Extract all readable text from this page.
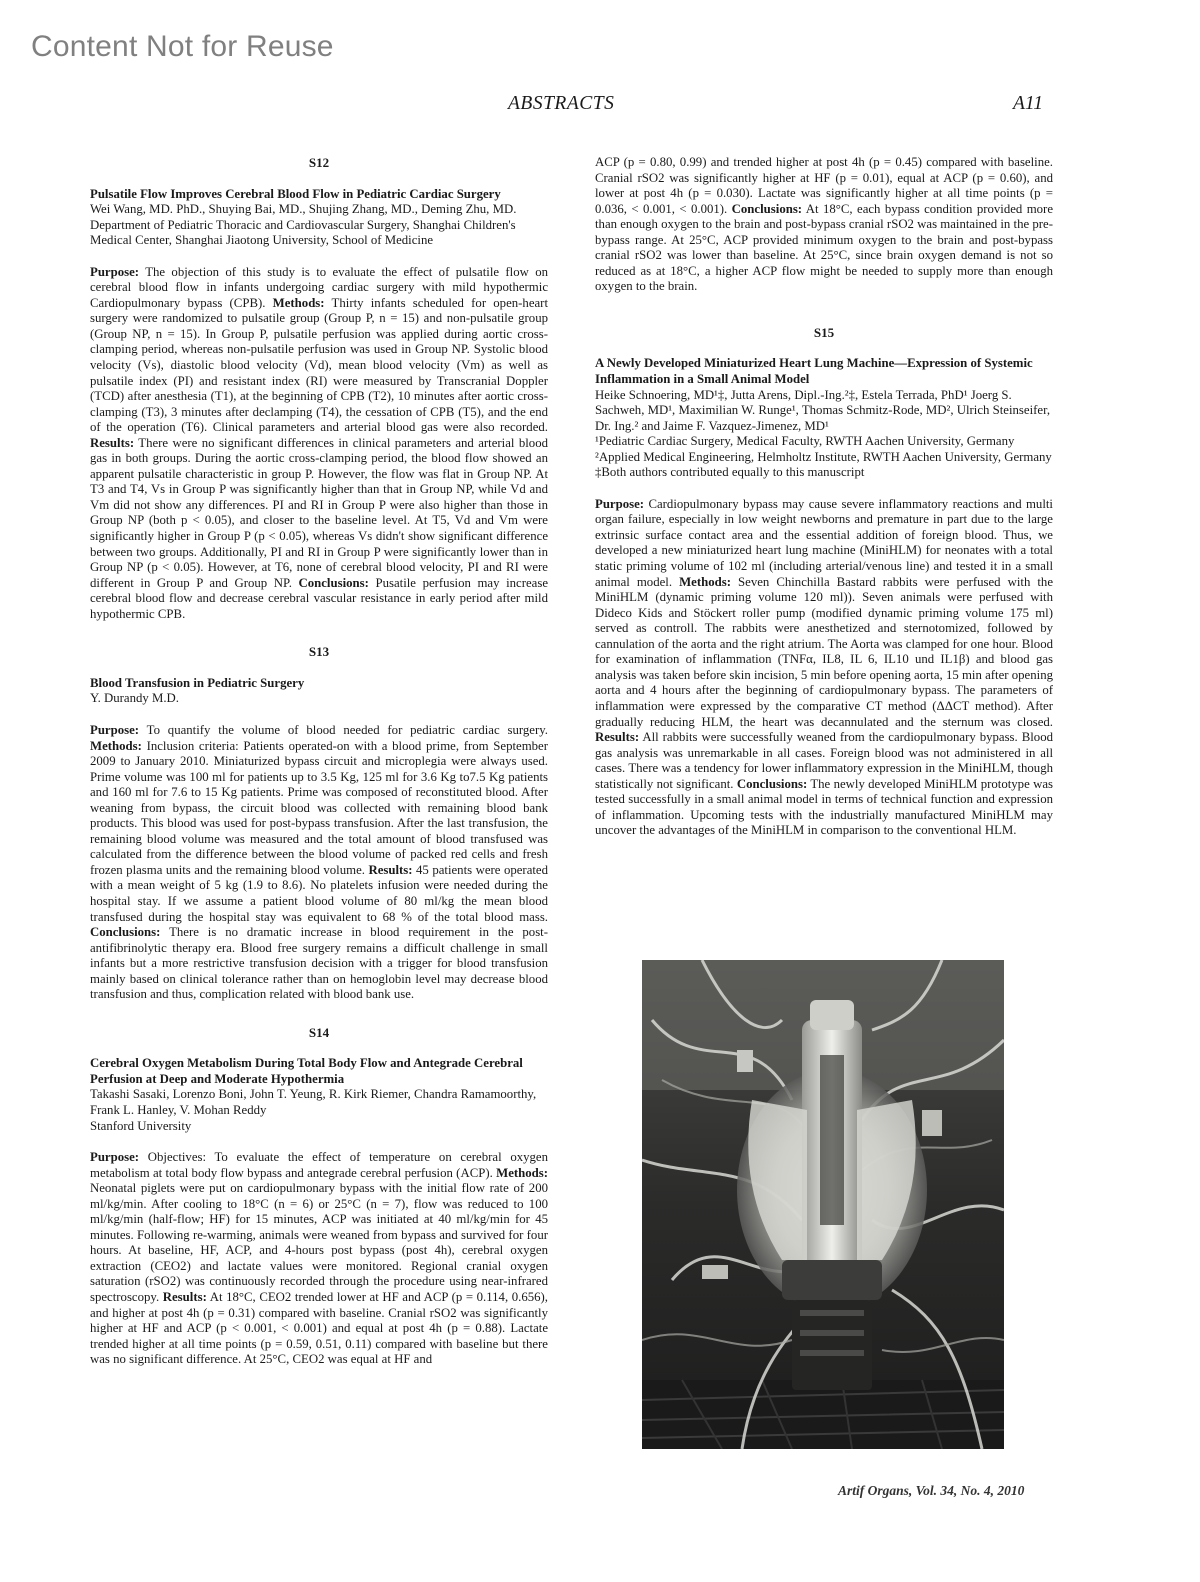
Content Not for Reuse
ABSTRACTS	A11
S12
Pulsatile Flow Improves Cerebral Blood Flow in Pediatric Cardiac Surgery
Wei Wang, MD. PhD., Shuying Bai, MD., Shujing Zhang, MD., Deming Zhu, MD.
Department of Pediatric Thoracic and Cardiovascular Surgery, Shanghai Children's Medical Center, Shanghai Jiaotong University, School of Medicine
Purpose: The objection of this study is to evaluate the effect of pulsatile flow on cerebral blood flow in infants undergoing cardiac surgery with mild hypothermic Cardiopulmonary bypass (CPB). Methods: Thirty infants scheduled for open-heart surgery were randomized to pulsatile group (Group P, n = 15) and non-pulsatile group (Group NP, n = 15). In Group P, pulsatile perfusion was applied during aortic cross-clamping period, whereas non-pulsatile perfusion was used in Group NP. Systolic blood velocity (Vs), diastolic blood velocity (Vd), mean blood velocity (Vm) as well as pulsatile index (PI) and resistant index (RI) were measured by Transcranial Doppler (TCD) after anesthesia (T1), at the beginning of CPB (T2), 10 minutes after aortic cross-clamping (T3), 3 minutes after declamping (T4), the cessation of CPB (T5), and the end of the operation (T6). Clinical parameters and arterial blood gas were also recorded. Results: There were no significant differences in clinical parameters and arterial blood gas in both groups. During the aortic cross-clamping period, the blood flow showed an apparent pulsatile characteristic in group P. However, the flow was flat in Group NP. At T3 and T4, Vs in Group P was significantly higher than that in Group NP, while Vd and Vm did not show any differences. PI and RI in Group P were also higher than those in Group NP (both p < 0.05), and closer to the baseline level. At T5, Vd and Vm were significantly higher in Group P (p < 0.05), whereas Vs didn't show significant difference between two groups. Additionally, PI and RI in Group P were significantly lower than in Group NP (p < 0.05). However, at T6, none of cerebral blood velocity, PI and RI were different in Group P and Group NP. Conclusions: Pusatile perfusion may increase cerebral blood flow and decrease cerebral vascular resistance in early period after mild hypothermic CPB.
S13
Blood Transfusion in Pediatric Surgery
Y. Durandy M.D.
Purpose: To quantify the volume of blood needed for pediatric cardiac surgery. Methods: Inclusion criteria: Patients operated-on with a blood prime, from September 2009 to January 2010. Miniaturized bypass circuit and microplegia were always used. Prime volume was 100 ml for patients up to 3.5 Kg, 125 ml for 3.6 Kg to7.5 Kg patients and 160 ml for 7.6 to 15 Kg patients. Prime was composed of reconstituted blood. After weaning from bypass, the circuit blood was collected with remaining blood bank products. This blood was used for post-bypass transfusion. After the last transfusion, the remaining blood volume was measured and the total amount of blood transfused was calculated from the difference between the blood volume of packed red cells and fresh frozen plasma units and the remaining blood volume. Results: 45 patients were operated with a mean weight of 5 kg (1.9 to 8.6). No platelets infusion were needed during the hospital stay. If we assume a patient blood volume of 80 ml/kg the mean blood transfused during the hospital stay was equivalent to 68 % of the total blood mass. Conclusions: There is no dramatic increase in blood requirement in the post-antifibrinolytic therapy era. Blood free surgery remains a difficult challenge in small infants but a more restrictive transfusion decision with a trigger for blood transfusion mainly based on clinical tolerance rather than on hemoglobin level may decrease blood transfusion and thus, complication related with blood bank use.
S14
Cerebral Oxygen Metabolism During Total Body Flow and Antegrade Cerebral Perfusion at Deep and Moderate Hypothermia
Takashi Sasaki, Lorenzo Boni, John T. Yeung, R. Kirk Riemer, Chandra Ramamoorthy, Frank L. Hanley, V. Mohan Reddy
Stanford University
Purpose: Objectives: To evaluate the effect of temperature on cerebral oxygen metabolism at total body flow bypass and antegrade cerebral perfusion (ACP). Methods: Neonatal piglets were put on cardiopulmonary bypass with the initial flow rate of 200 ml/kg/min. After cooling to 18°C (n = 6) or 25°C (n = 7), flow was reduced to 100 ml/kg/min (half-flow; HF) for 15 minutes, ACP was initiated at 40 ml/kg/min for 45 minutes. Following re-warming, animals were weaned from bypass and survived for four hours. At baseline, HF, ACP, and 4-hours post bypass (post 4h), cerebral oxygen extraction (CEO2) and lactate values were monitored. Regional cranial oxygen saturation (rSO2) was continuously recorded through the procedure using near-infrared spectroscopy. Results: At 18°C, CEO2 trended lower at HF and ACP (p = 0.114, 0.656), and higher at post 4h (p = 0.31) compared with baseline. Cranial rSO2 was significantly higher at HF and ACP (p < 0.001, < 0.001) and equal at post 4h (p = 0.88). Lactate trended higher at all time points (p = 0.59, 0.51, 0.11) compared with baseline but there was no significant difference. At 25°C, CEO2 was equal at HF and

ACP (p = 0.80, 0.99) and trended higher at post 4h (p = 0.45) compared with baseline. Cranial rSO2 was significantly higher at HF (p = 0.01), equal at ACP (p = 0.60), and lower at post 4h (p = 0.030). Lactate was significantly higher at all time points (p = 0.036, < 0.001, < 0.001). Conclusions: At 18°C, each bypass condition provided more than enough oxygen to the brain and post-bypass cranial rSO2 was maintained in the pre-bypass range. At 25°C, ACP provided minimum oxygen to the brain and post-bypass cranial rSO2 was lower than baseline. At 25°C, since brain oxygen demand is not so reduced as at 18°C, a higher ACP flow might be needed to supply more than enough oxygen to the brain.

S15
A Newly Developed Miniaturized Heart Lung Machine—Expression of Systemic Inflammation in a Small Animal Model
Heike Schnoering, MD¹‡, Jutta Arens, Dipl.-Ing.²‡, Estela Terrada, PhD¹ Joerg S. Sachweh, MD¹, Maximilian W. Runge¹, Thomas Schmitz-Rode, MD², Ulrich Steinseifer, Dr. Ing.² and Jaime F. Vazquez-Jimenez, MD¹
¹Pediatric Cardiac Surgery, Medical Faculty, RWTH Aachen University, Germany
²Applied Medical Engineering, Helmholtz Institute, RWTH Aachen University, Germany
‡Both authors contributed equally to this manuscript
Purpose: Cardiopulmonary bypass may cause severe inflammatory reactions and multi organ failure, especially in low weight newborns and premature in part due to the large extrinsic surface contact area and the essential addition of foreign blood. Thus, we developed a new miniaturized heart lung machine (MiniHLM) for neonates with a total static priming volume of 102 ml (including arterial/venous line) and tested it in a small animal model. Methods: Seven Chinchilla Bastard rabbits were perfused with the MiniHLM (dynamic priming volume 120 ml)). Seven animals were perfused with Dideco Kids and Stöckert roller pump (modified dynamic priming volume 175 ml) served as controll. The rabbits were anesthetized and sternotomized, followed by cannulation of the aorta and the right atrium. The Aorta was clamped for one hour. Blood for examination of inflammation (TNFα, IL8, IL 6, IL10 und IL1β) and blood gas analysis was taken before skin incision, 5 min before opening aorta, 15 min after opening aorta and 4 hours after the beginning of cardiopulmonary bypass. The parameters of inflammation were expressed by the comparative CT method (ΔΔCT method). After gradually reducing HLM, the heart was decannulated and the sternum was closed. Results: All rabbits were successfully weaned from the cardiopulmonary bypass. Blood gas analysis was unremarkable in all cases. Foreign blood was not administered in all cases. There was a tendency for lower inflammatory expression in the MiniHLM, though statistically not significant. Conclusions: The newly developed MiniHLM prototype was tested successfully in a small animal model in terms of technical function and expression of inflammation. Upcoming tests with the industrially manufactured MiniHLM may uncover the advantages of the MiniHLM in comparison to the conventional HLM.
Artif Organs, Vol. 34, No. 4, 2010
